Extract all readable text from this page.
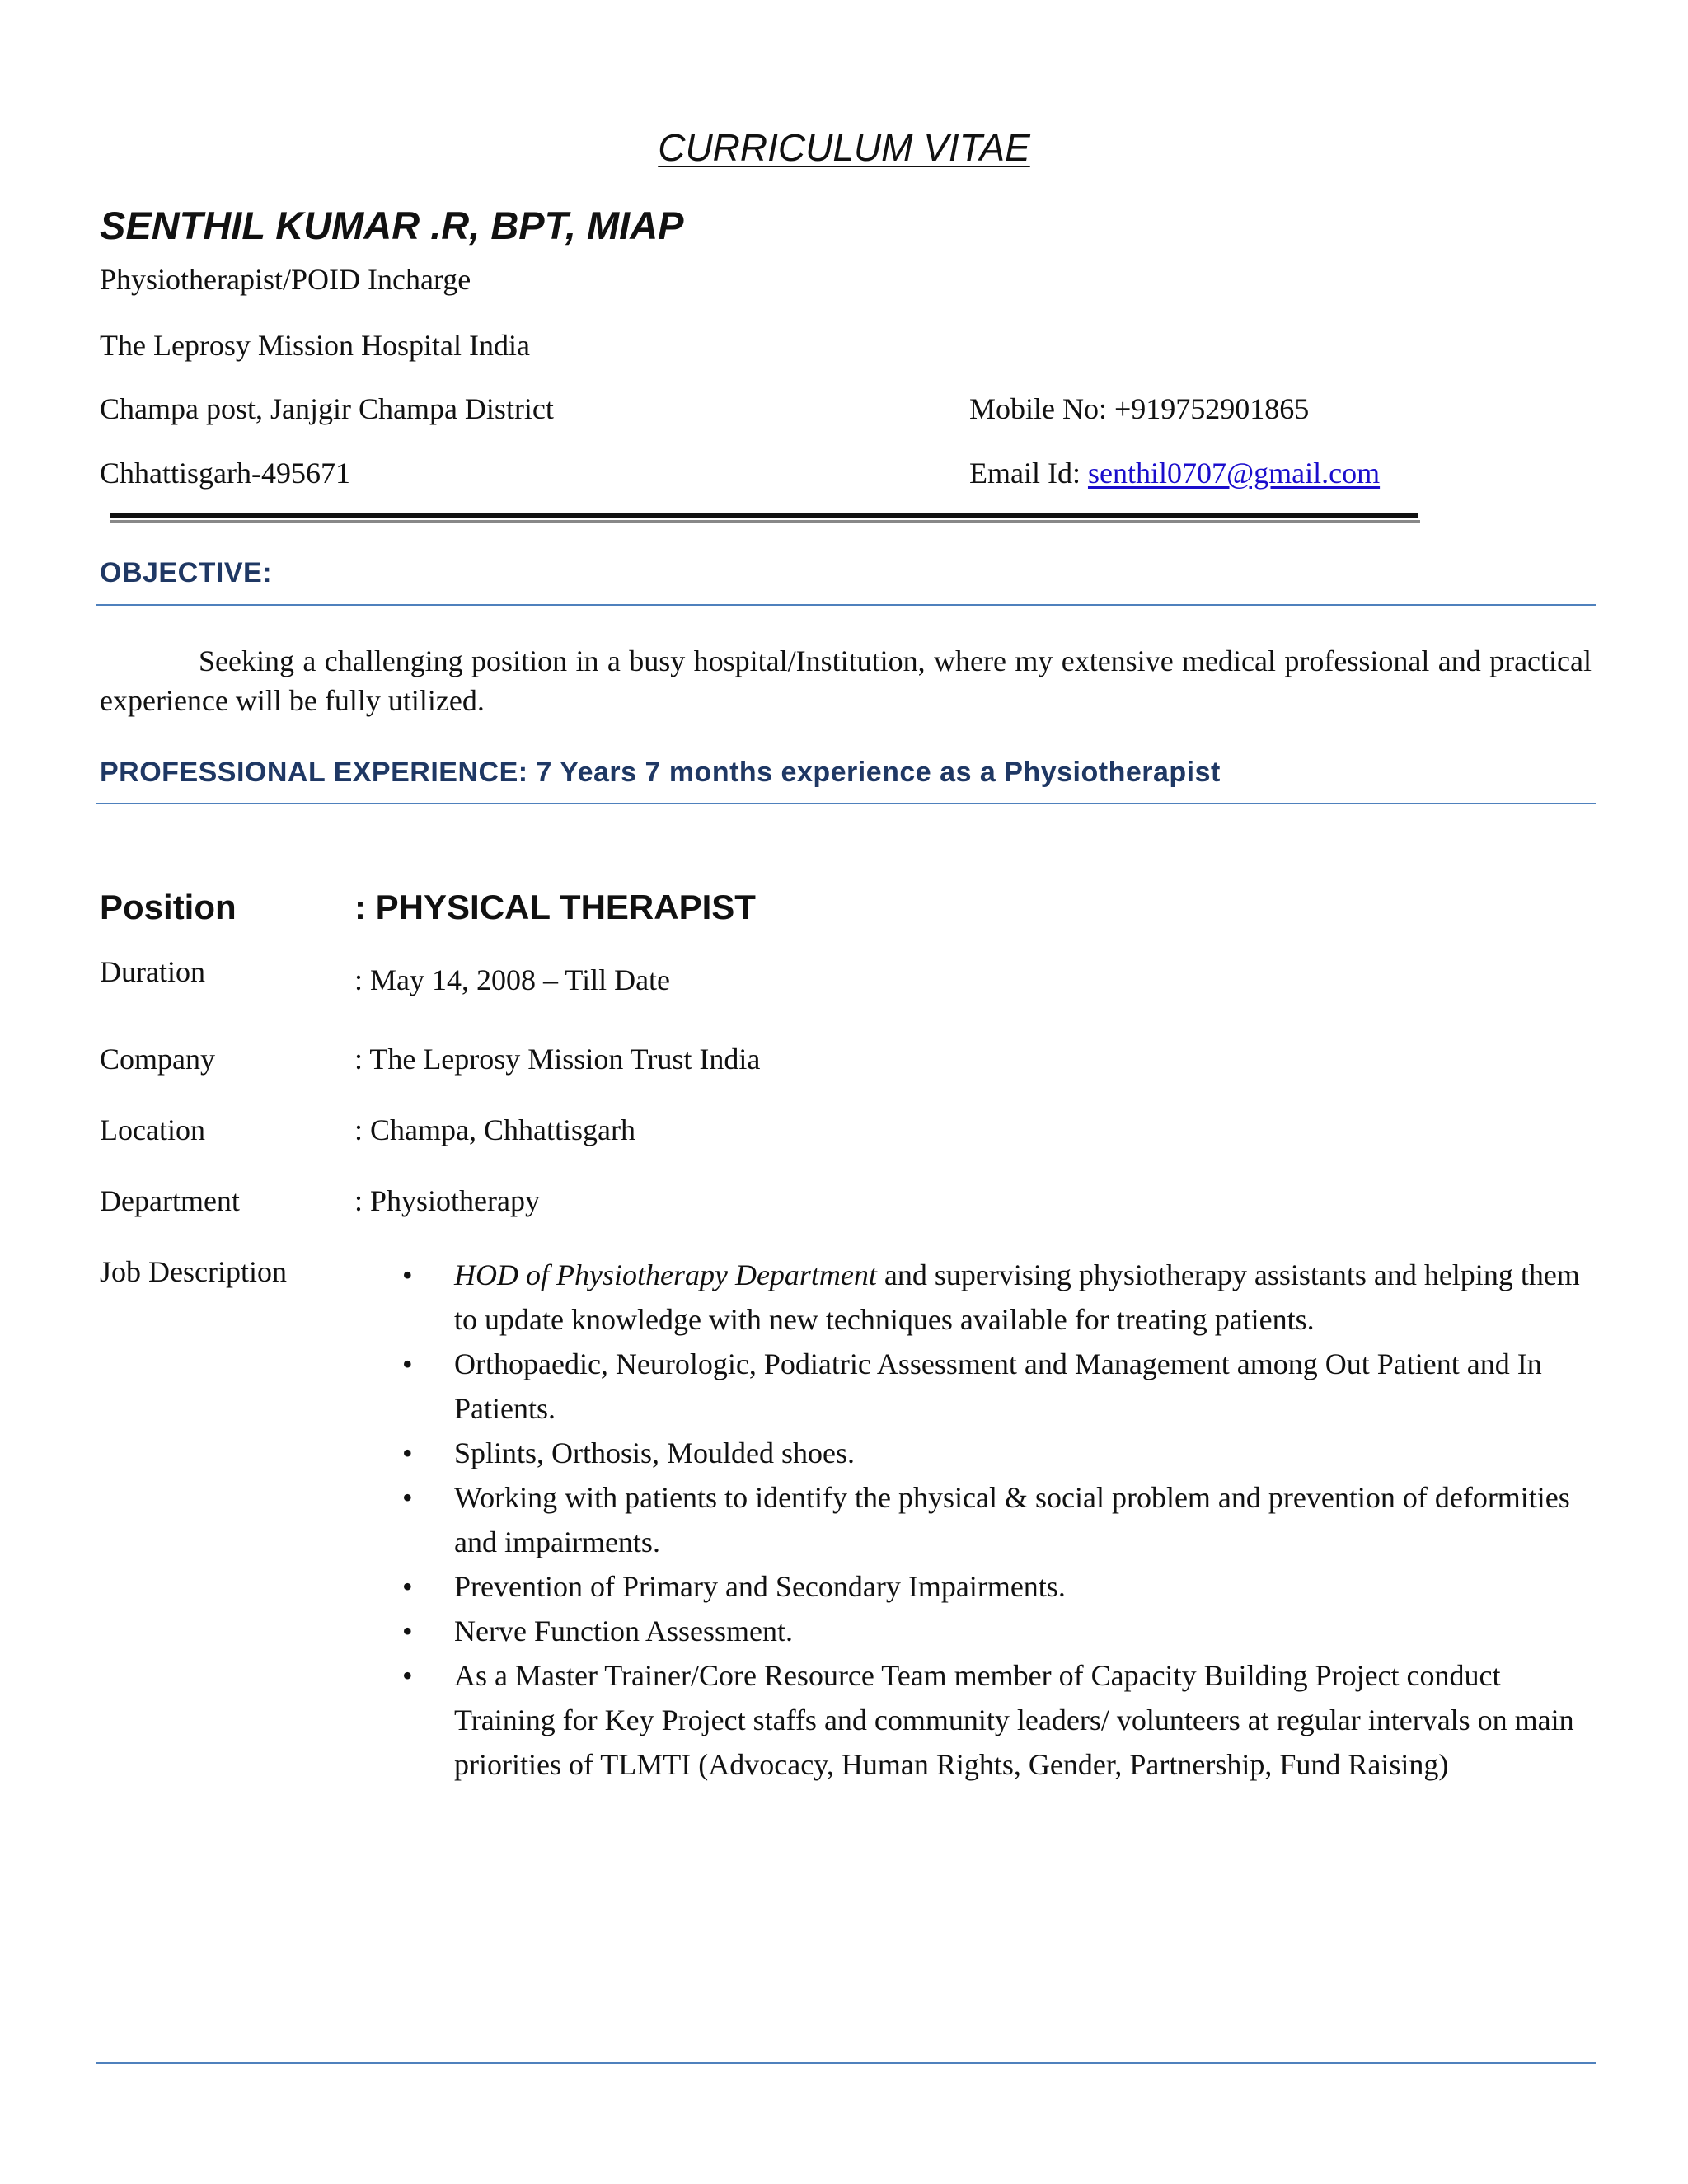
CURRICULUM VITAE
SENTHIL KUMAR .R, BPT, MIAP
Physiotherapist/POID Incharge
The Leprosy Mission Hospital India
Champa post, Janjgir Champa District
Chhattisgarh-495671
Mobile No: +919752901865
Email Id: senthil0707@gmail.com
OBJECTIVE:
Seeking a challenging position in a busy hospital/Institution, where my extensive medical professional and practical experience will be fully utilized.
PROFESSIONAL EXPERIENCE: 7 Years 7 months experience as a Physiotherapist
Position	: PHYSICAL THERAPIST
Duration	: May 14, 2008 – Till Date
Company	: The Leprosy Mission Trust India
Location	: Champa, Chhattisgarh
Department	: Physiotherapy
Job Description	• HOD of Physiotherapy Department and supervising physiotherapy assistants and helping them to update knowledge with new techniques available for treating patients.
• Orthopaedic, Neurologic, Podiatric Assessment and Management among Out Patient and In Patients.
• Splints, Orthosis, Moulded shoes.
• Working with patients to identify the physical & social problem and prevention of deformities and impairments.
• Prevention of Primary and Secondary Impairments.
• Nerve Function Assessment.
• As a Master Trainer/Core Resource Team member of Capacity Building Project conduct Training for Key Project staffs and community leaders/ volunteers at regular intervals on main priorities of TLMTI (Advocacy, Human Rights, Gender, Partnership, Fund Raising)
